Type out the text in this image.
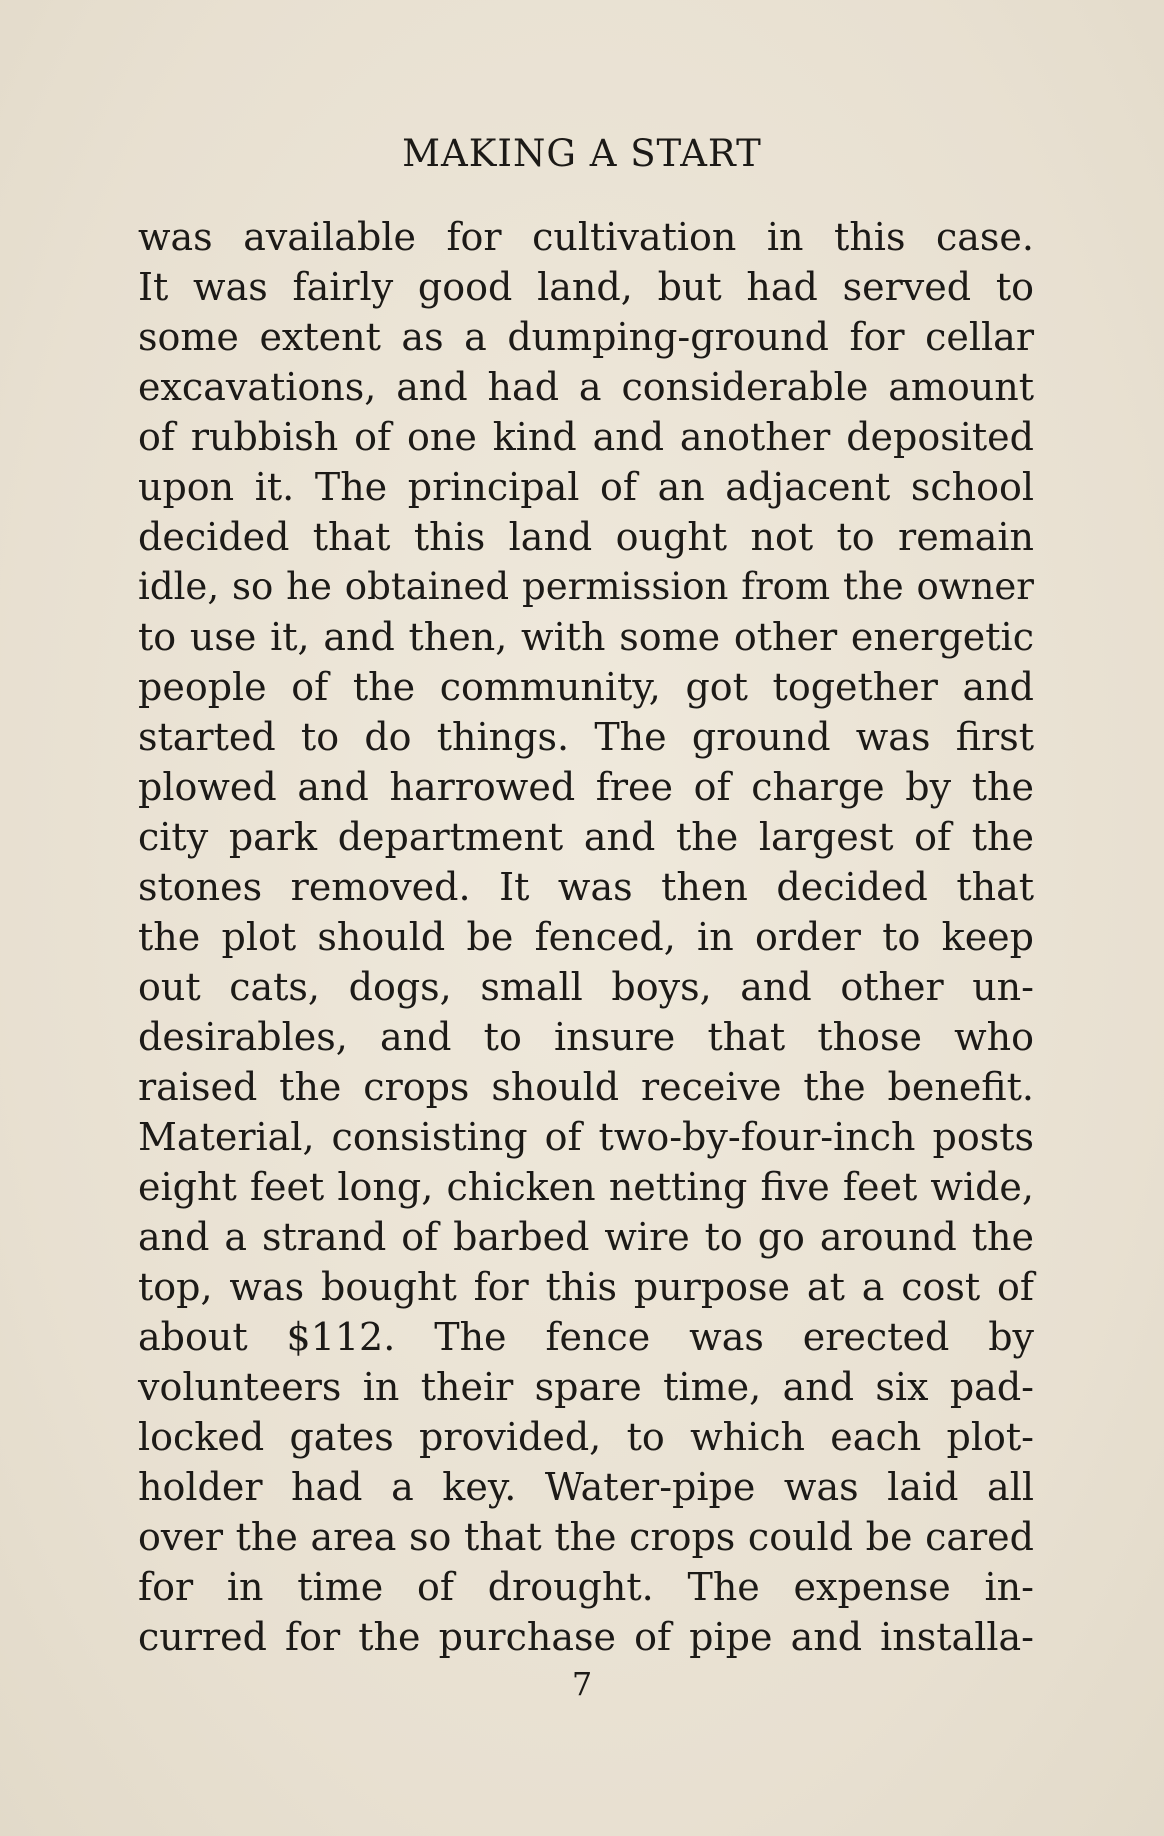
MAKING A START
was available for cultivation in this case.
It was fairly good land, but had served to
some extent as a dumping-ground for cellar
excavations, and had a considerable amount
of rubbish of one kind and another deposited
upon it. The principal of an adjacent school
decided that this land ought not to remain
idle, so he obtained permission from the owner
to use it, and then, with some other energetic
people of the community, got together and
started to do things. The ground was first
plowed and harrowed free of charge by the
city park department and the largest of the
stones removed. It was then decided that
the plot should be fenced, in order to keep
out cats, dogs, small boys, and other un-
desirables, and to insure that those who
raised the crops should receive the benefit.
Material, consisting of two-by-four-inch posts
eight feet long, chicken netting five feet wide,
and a strand of barbed wire to go around the
top, was bought for this purpose at a cost of
about $112. The fence was erected by
volunteers in their spare time, and six pad-
locked gates provided, to which each plot-
holder had a key. Water-pipe was laid all
over the area so that the crops could be cared
for in time of drought. The expense in-
curred for the purchase of pipe and installa-
7
